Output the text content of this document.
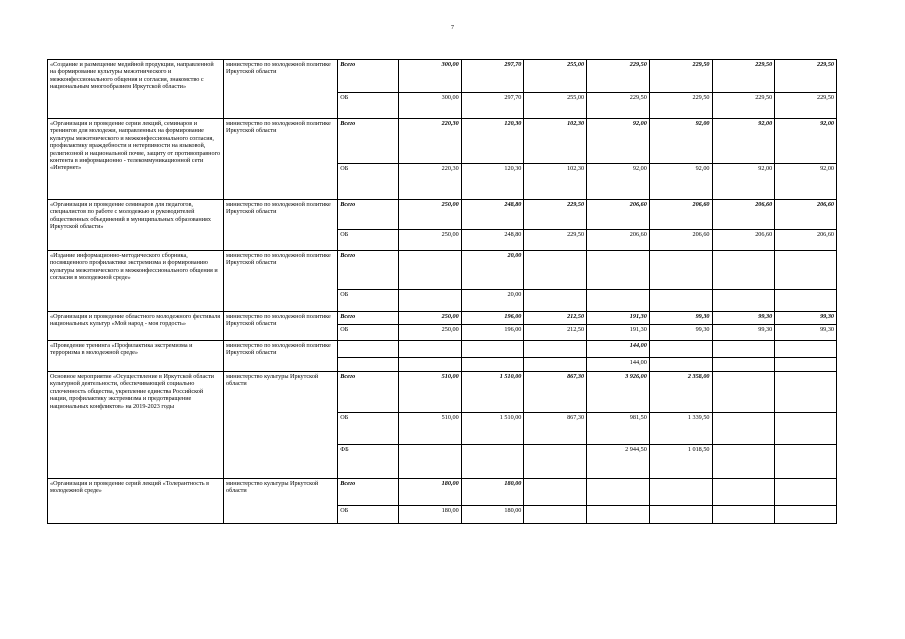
7
«Создание и размещение медийной продукции, направленной на формирование культуры межэтнического и межконфессионального общения и согласия, знакомство с национальным многообразием Иркутской области»	министерство по молодежной политике Иркутской области	Всего	300,00	297,70	255,00	229,50	229,50	229,50	229,50
		ОБ	300,00	297,70	255,00	229,50	229,50	229,50	229,50
«Организация и проведение серии лекций, семинаров и тренингов для молодежи, направленных на формирование культуры межэтнического и межконфессионального согласия, профилактику враждебности и нетерпимости на языковой, религиозной и национальной почве, защиту от противоправного контента в информационно - телекоммуникационной сети «Интернет»	министерство по молодежной политике Иркутской области	Всего	220,30	120,30	102,30	92,00	92,00	92,00	92,00
		ОБ	220,30	120,30	102,30	92,00	92,00	92,00	92,00
«Организация и проведение семинаров для педагогов, специалистов по работе с молодежью и руководителей общественных объединений в муниципальных образованиях Иркутской области»	министерство по молодежной политике Иркутской области	Всего	250,00	248,80	229,50	206,60	206,60	206,60	206,60
		ОБ	250,00	248,80	229,50	206,60	206,60	206,60	206,60
«Издание информационно-методического сборника, посвященного профилактике экстремизма и формированию культуры межэтнического и межконфессионального общения и согласия в молодежной среде»	министерство по молодежной политике Иркутской области	Всего		20,00					
		ОБ		20,00					
«Организация и проведение областного молодежного фестиваля национальных культур «Мой народ - моя гордость»	министерство по молодежной политике Иркутской области	Всего	250,00	196,00	212,50	191,30	99,30	99,30	99,30
		ОБ	250,00	196,00	212,50	191,30	99,30	99,30	99,30
«Проведение тренинга «Профилактика экстремизма и терроризма в молодежной среде»	министерство по молодежной политике Иркутской области					144,00			
						144,00			
Основное мероприятие «Осуществление в Иркутской области культурной деятельности, обеспечивающей социально сплоченность общества, укрепление единства Российской нации, профилактику экстремизма и предотвращение национальных конфликтов» на 2019-2023 годы	министерство культуры Иркутской области	Всего	510,00	1 510,00	867,30	3 926,00	2 358,00		
		ОБ	510,00	1 510,00	867,30	981,50	1 339,50		
		ФБ				2 944,50	1 018,50		
«Организация и проведение серий лекций «Толерантность в молодежной среде»	министерство культуры Иркутской области	Всего	180,00	180,00					
		ОБ	180,00	180,00					
